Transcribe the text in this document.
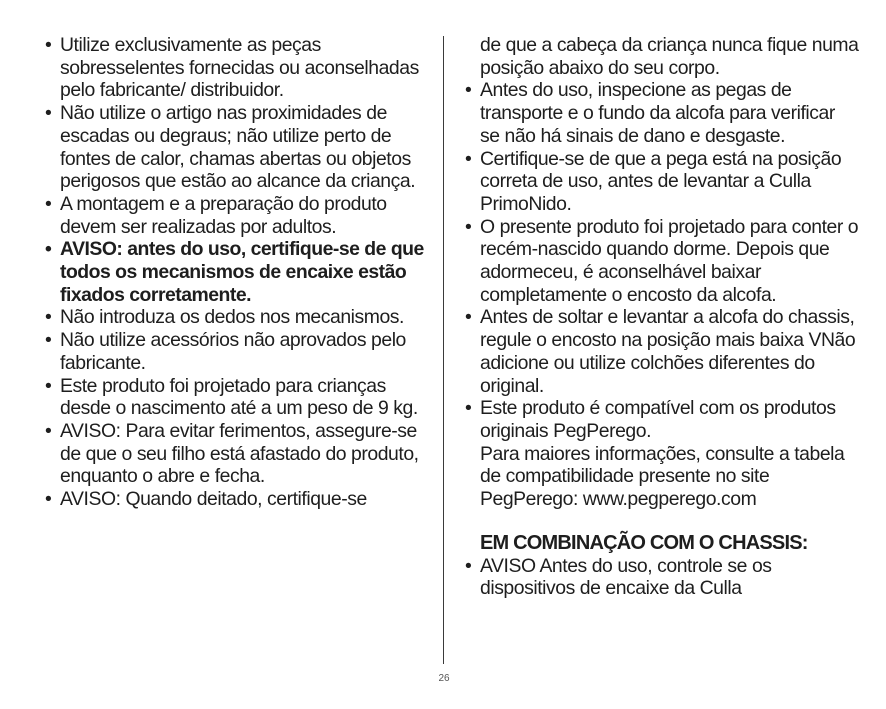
• Utilize exclusivamente as peças sobresselentes fornecidas ou aconselhadas pelo fabricante/ distribuidor.
• Não utilize o artigo nas proximidades de escadas ou degraus; não utilize perto de fontes de calor, chamas abertas ou objetos perigosos que estão ao alcance da criança.
• A montagem e a preparação do produto devem ser realizadas por adultos.
• AVISO: antes do uso, certifique-se de que todos os mecanismos de encaixe estão fixados corretamente.
• Não introduza os dedos nos mecanismos.
• Não utilize acessórios não aprovados pelo fabricante.
• Este produto foi projetado para crianças desde o nascimento até a um peso de 9 kg.
• AVISO: Para evitar ferimentos, assegure-se de que o seu filho está afastado do produto, enquanto o abre e fecha.
• AVISO: Quando deitado, certifique-se
de que a cabeça da criança nunca fique numa posição abaixo do seu corpo.
• Antes do uso, inspecione as pegas de transporte e o fundo da alcofa para verificar se não há sinais de dano e desgaste.
• Certifique-se de que a pega está na posição correta de uso, antes de levantar a Culla PrimoNido.
• O presente produto foi projetado para conter o recém-nascido quando dorme. Depois que adormeceu, é aconselhável baixar completamente o encosto da alcofa.
• Antes de soltar e levantar a alcofa do chassis, regule o encosto na posição mais baixa VNão adicione ou utilize colchões diferentes do original.
• Este produto é compatível com os produtos originais PegPerego.
Para maiores informações, consulte a tabela de compatibilidade presente no site PegPerego: www.pegperego.com
EM COMBINAÇÃO COM O CHASSIS:
• AVISO Antes do uso, controle se os dispositivos de encaixe da Culla
26
